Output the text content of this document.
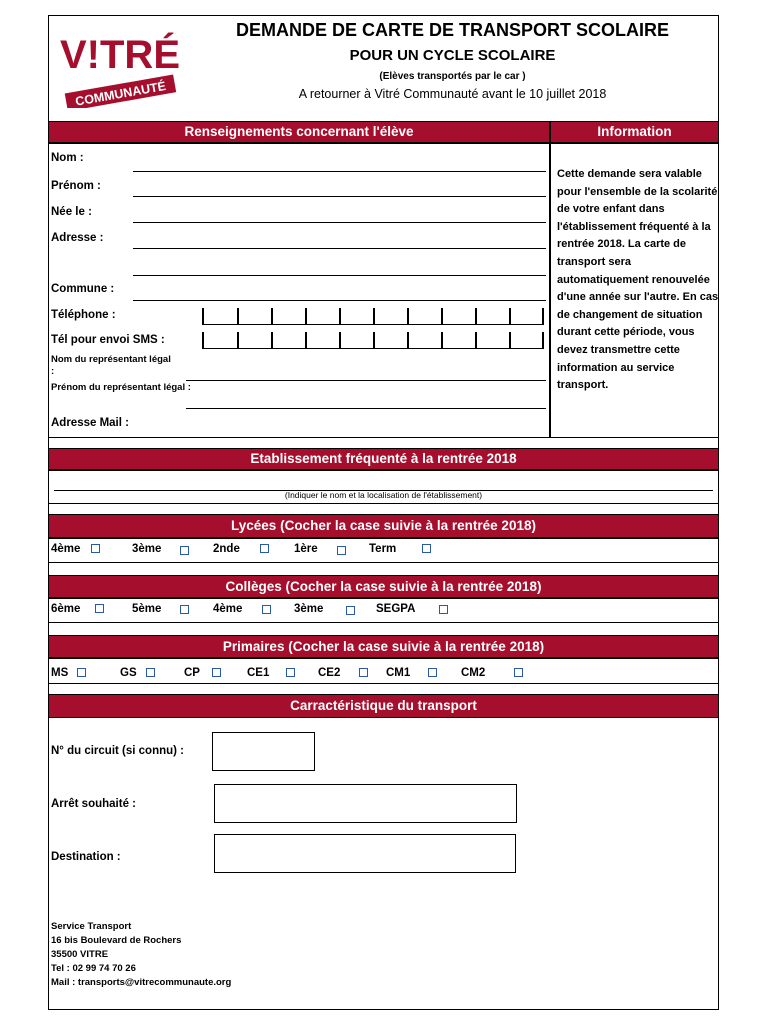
V!TRÉ
COMMUNAUTÉ
DEMANDE DE CARTE DE TRANSPORT SCOLAIRE
POUR UN CYCLE SCOLAIRE
(Elèves transportés par le car )
A retourner à Vitré Communauté avant le 10 juillet 2018
Renseignements concernant l'élève	Information
Nom :
Prénom :
Née le :
Adresse :
Commune :
Téléphone :
Tél pour envoi SMS :
Nom du représentant légal :
Prénom du représentant légal :
Adresse Mail :
Cette demande sera valable pour l'ensemble de la scolarité de votre enfant dans l'établissement fréquenté à la rentrée 2018. La carte de transport sera automatiquement renouvelée d'une année sur l'autre. En cas de changement de situation durant cette période, vous devez transmettre cette information au service transport.
Etablissement fréquenté à la rentrée 2018
(Indiquer le nom et la localisation de l'établissement)
Lycées (Cocher la case suivie à la rentrée 2018)
4ème	3ème	2nde	1ère	Term
Collèges (Cocher la case suivie à la rentrée 2018)
6ème	5ème	4ème	3ème	SEGPA
Primaires (Cocher la case suivie à la rentrée 2018)
MS	GS	CP	CE1	CE2	CM1	CM2
Carractéristique du transport
N° du circuit (si connu) :
Arrêt souhaité :
Destination :
Service Transport
16 bis Boulevard de Rochers
35500 VITRE
Tel : 02 99 74 70 26
Mail : transports@vitrecommunaute.org
